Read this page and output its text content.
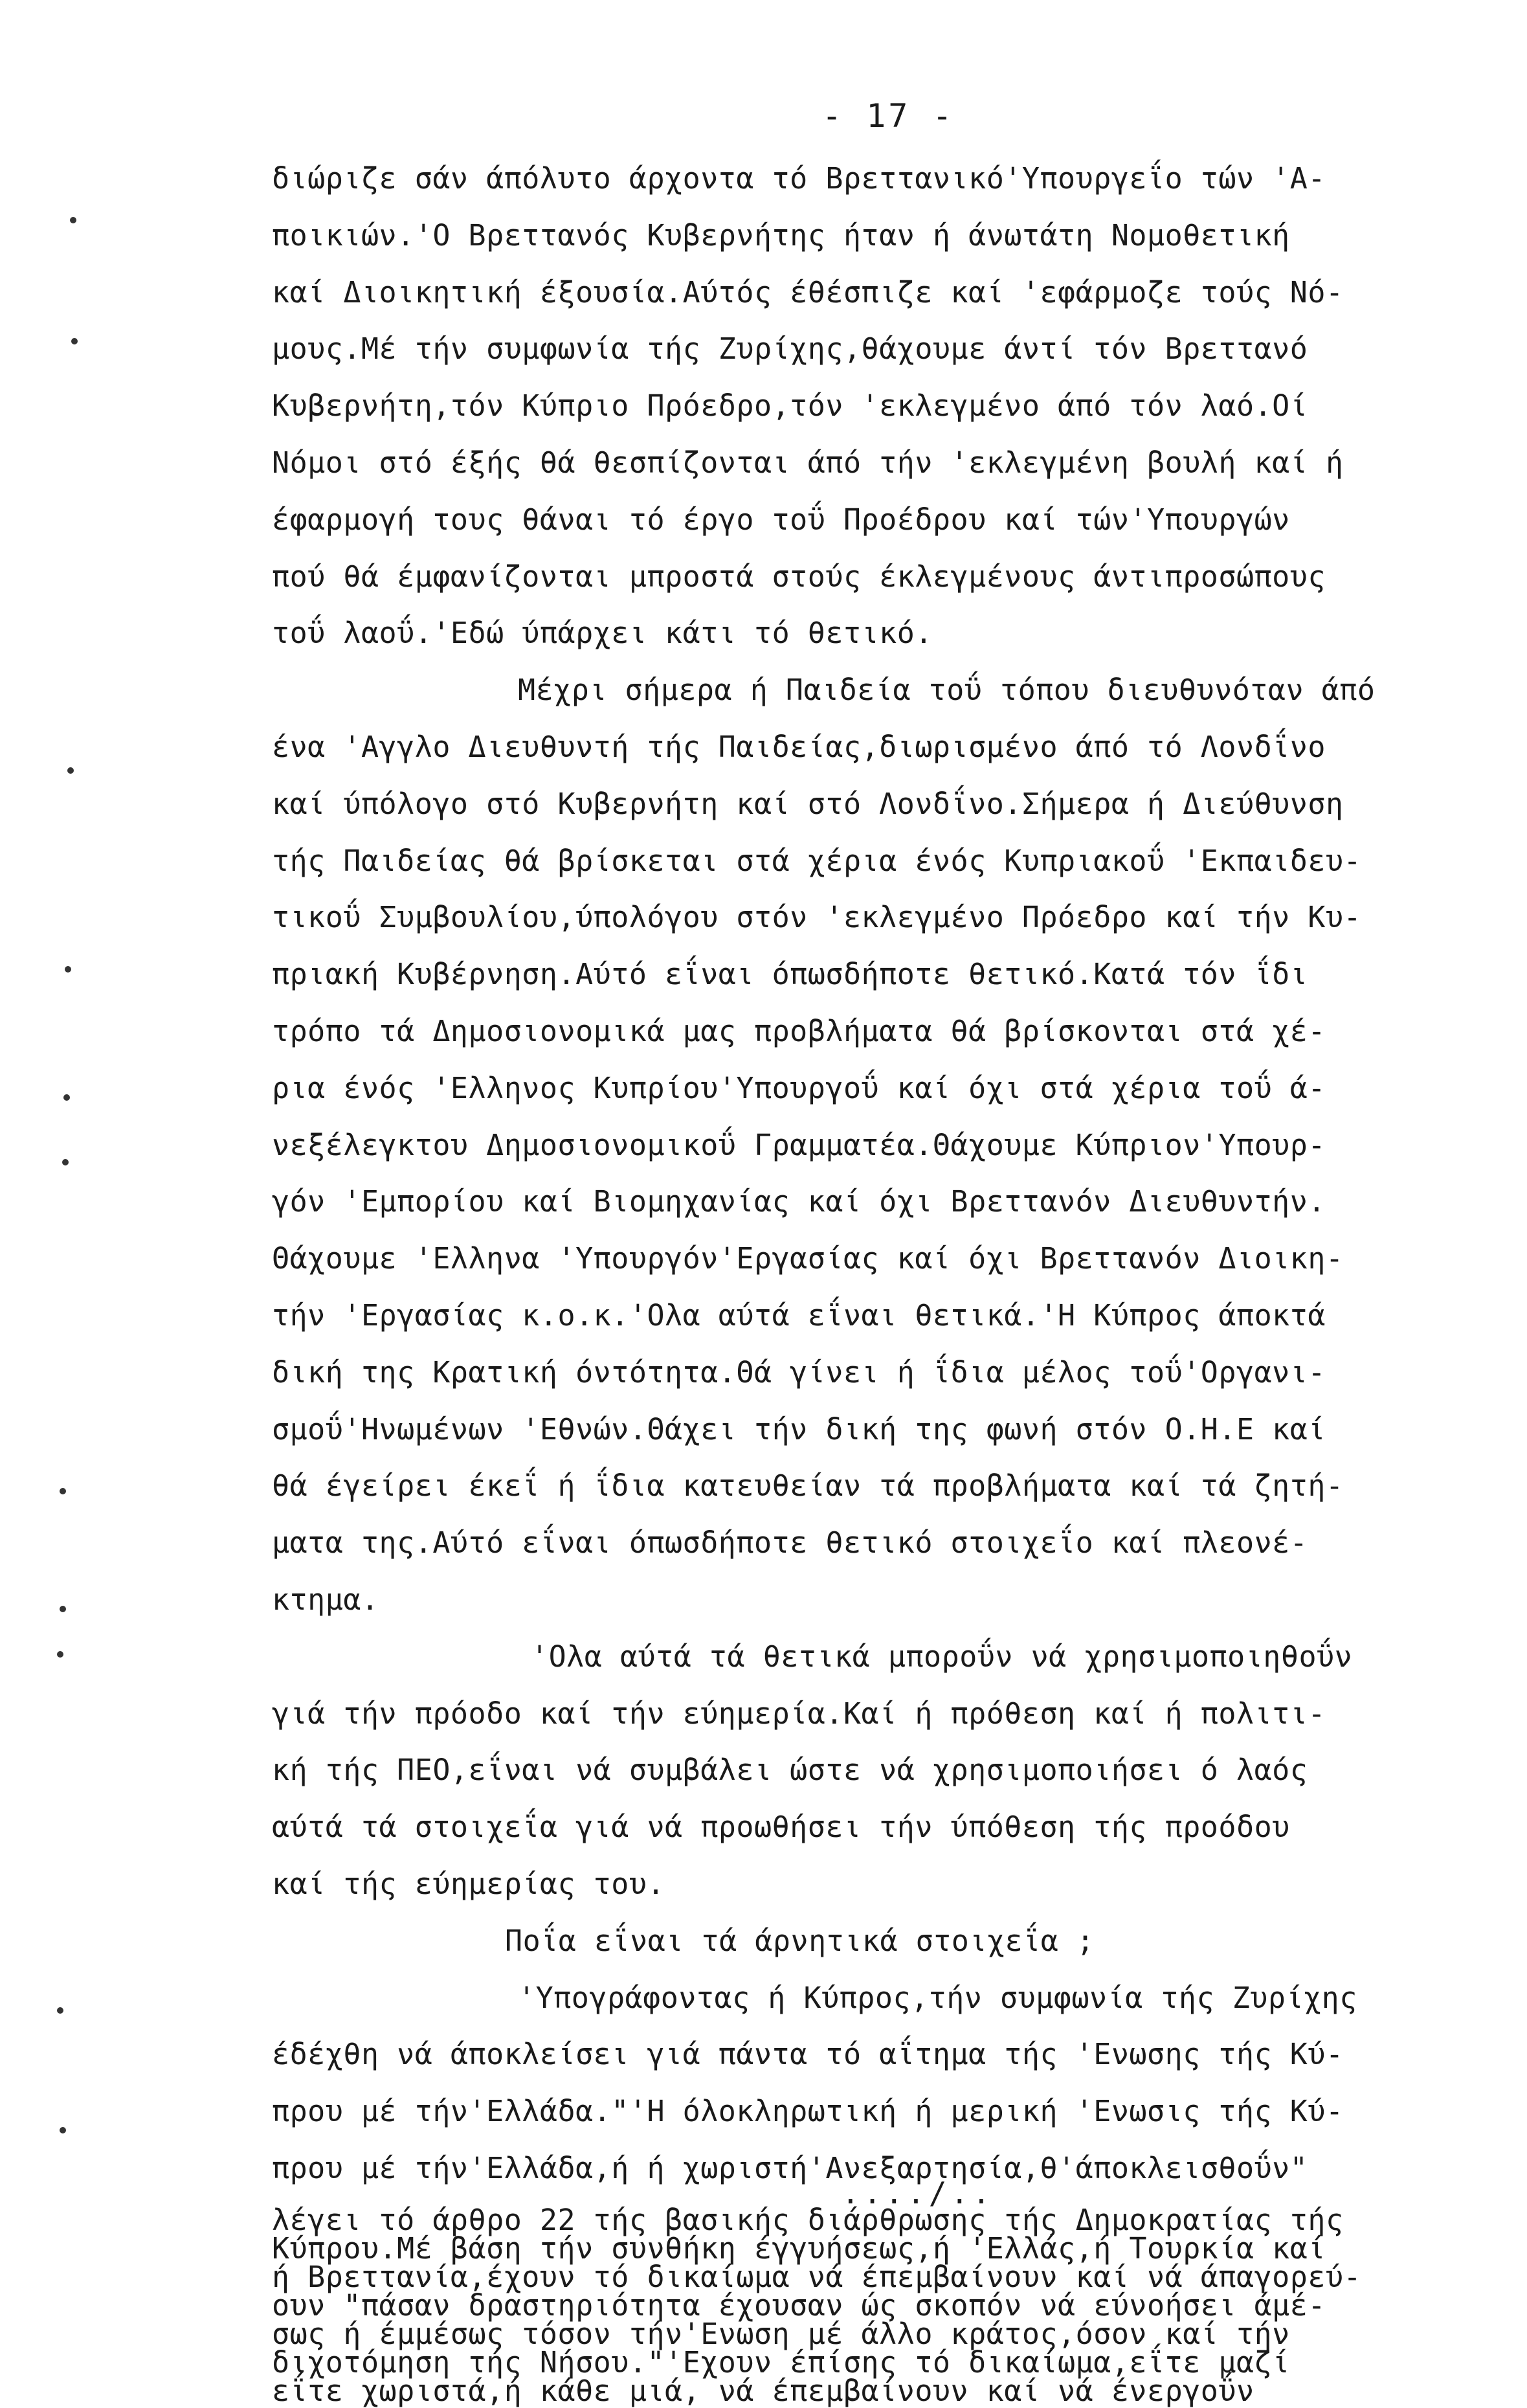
- 17 -
διώριζε σάν άπόλυτο άρχοντα τό Βρεττανικό'Υπουργεΐο τών 'Α-
ποικιών.'Ο Βρεττανός Κυβερνήτης ήταν ή άνωτάτη Νομοθετική
καί Διοικητική έξουσία.Αύτός έθέσπιζε καί 'εφάρμοζε τούς Νό-
μους.Μέ τήν συμφωνία τής Ζυρίχης,θάχουμε άντί τόν Βρεττανό
Κυβερνήτη,τόν Κύπριο Πρόεδρο,τόν 'εκλεγμένο άπό τόν λαό.Οί
Νόμοι στό έξής θά θεσπίζονται άπό τήν 'εκλεγμένη βουλή καί ή
έφαρμογή τους θάναι τό έργο τοΰ Προέδρου καί τών'Υπουργών
πού θά έμφανίζονται μπροστά στούς έκλεγμένους άντιπροσώπους
τοΰ λαοΰ.'Εδώ ύπάρχει κάτι τό θετικό.
Μέχρι σήμερα ή Παιδεία τοΰ τόπου διευθυνόταν άπό
ένα 'Αγγλο Διευθυντή τής Παιδείας,διωρισμένο άπό τό Λονδΐνο
καί ύπόλογο στό Κυβερνήτη καί στό Λονδΐνο.Σήμερα ή Διεύθυνση
τής Παιδείας θά βρίσκεται στά χέρια ένός Κυπριακοΰ 'Εκπαιδευ-
τικοΰ Συμβουλίου,ύπολόγου στόν 'εκλεγμένο Πρόεδρο καί τήν Κυ-
πριακή Κυβέρνηση.Αύτό εΐναι όπωσδήποτε θετικό.Κατά τόν ΐδι
τρόπο τά Δημοσιονομικά μας προβλήματα θά βρίσκονται στά χέ-
ρια ένός 'Ελληνος Κυπρίου'Υπουργοΰ καί όχι στά χέρια τοΰ ά-
νεξέλεγκτου Δημοσιονομικοΰ Γραμματέα.Θάχουμε Κύπριον'Υπουρ-
γόν 'Εμπορίου καί Βιομηχανίας καί όχι Βρεττανόν Διευθυντήν.
Θάχουμε 'Ελληνα 'Υπουργόν'Εργασίας καί όχι Βρεττανόν Διοικη-
τήν 'Εργασίας κ.ο.κ.'Ολα αύτά εΐναι θετικά.'Η Κύπρος άποκτά
δική της Κρατική όντότητα.Θά γίνει ή ΐδια μέλος τοΰ'Οργανι-
σμοΰ'Ηνωμένων 'Εθνών.Θάχει τήν δική της φωνή στόν Ο.Η.Ε καί
θά έγείρει έκεΐ ή ΐδια κατευθείαν τά προβλήματα καί τά ζητή-
ματα της.Αύτό εΐναι όπωσδήποτε θετικό στοιχεΐο καί πλεονέ-
κτημα.
'Ολα αύτά τά θετικά μποροΰν νά χρησιμοποιηθοΰν
γιά τήν πρόοδο καί τήν εύημερία.Καί ή πρόθεση καί ή πολιτι-
κή τής ΠΕΟ,εΐναι νά συμβάλει ώστε νά χρησιμοποιήσει ό λαός
αύτά τά στοιχεΐα γιά νά προωθήσει τήν ύπόθεση τής προόδου
καί τής εύημερίας του.
Ποΐα εΐναι τά άρνητικά στοιχεΐα ;
'Υπογράφοντας ή Κύπρος,τήν συμφωνία τής Ζυρίχης
έδέχθη νά άποκλείσει γιά πάντα τό αΐτημα τής 'Ενωσης τής Κύ-
πρου μέ τήν'Ελλάδα."'Η όλοκληρωτική ή μερική 'Ενωσις τής Κύ-
πρου μέ τήν'Ελλάδα,ή ή χωριστή'Ανεξαρτησία,θ'άποκλεισθοΰν"
λέγει τό άρθρο 22 τής βασικής διάρθρωσης τής Δημοκρατίας τής
Κύπρου.Μέ βάση τήν συνθήκη έγγυήσεως,ή 'Ελλάς,ή Τουρκία καί
ή Βρεττανία,έχουν τό δικαίωμα νά έπεμβαίνουν καί νά άπαγορεύ-
ουν "πάσαν δραστηριότητα έχουσαν ώς σκοπόν νά εύνοήσει άμέ-
σως ή έμμέσως τόσον τήν'Ενωση μέ άλλο κράτος,όσον καί τήν
διχοτόμηση τής Νήσου."'Εχουν έπίσης τό δικαίωμα,εΐτε μαζί
εΐτε χωριστά,ή κάθε μιά, νά έπεμβαίνουν καί νά ένεργοΰν
..../..
